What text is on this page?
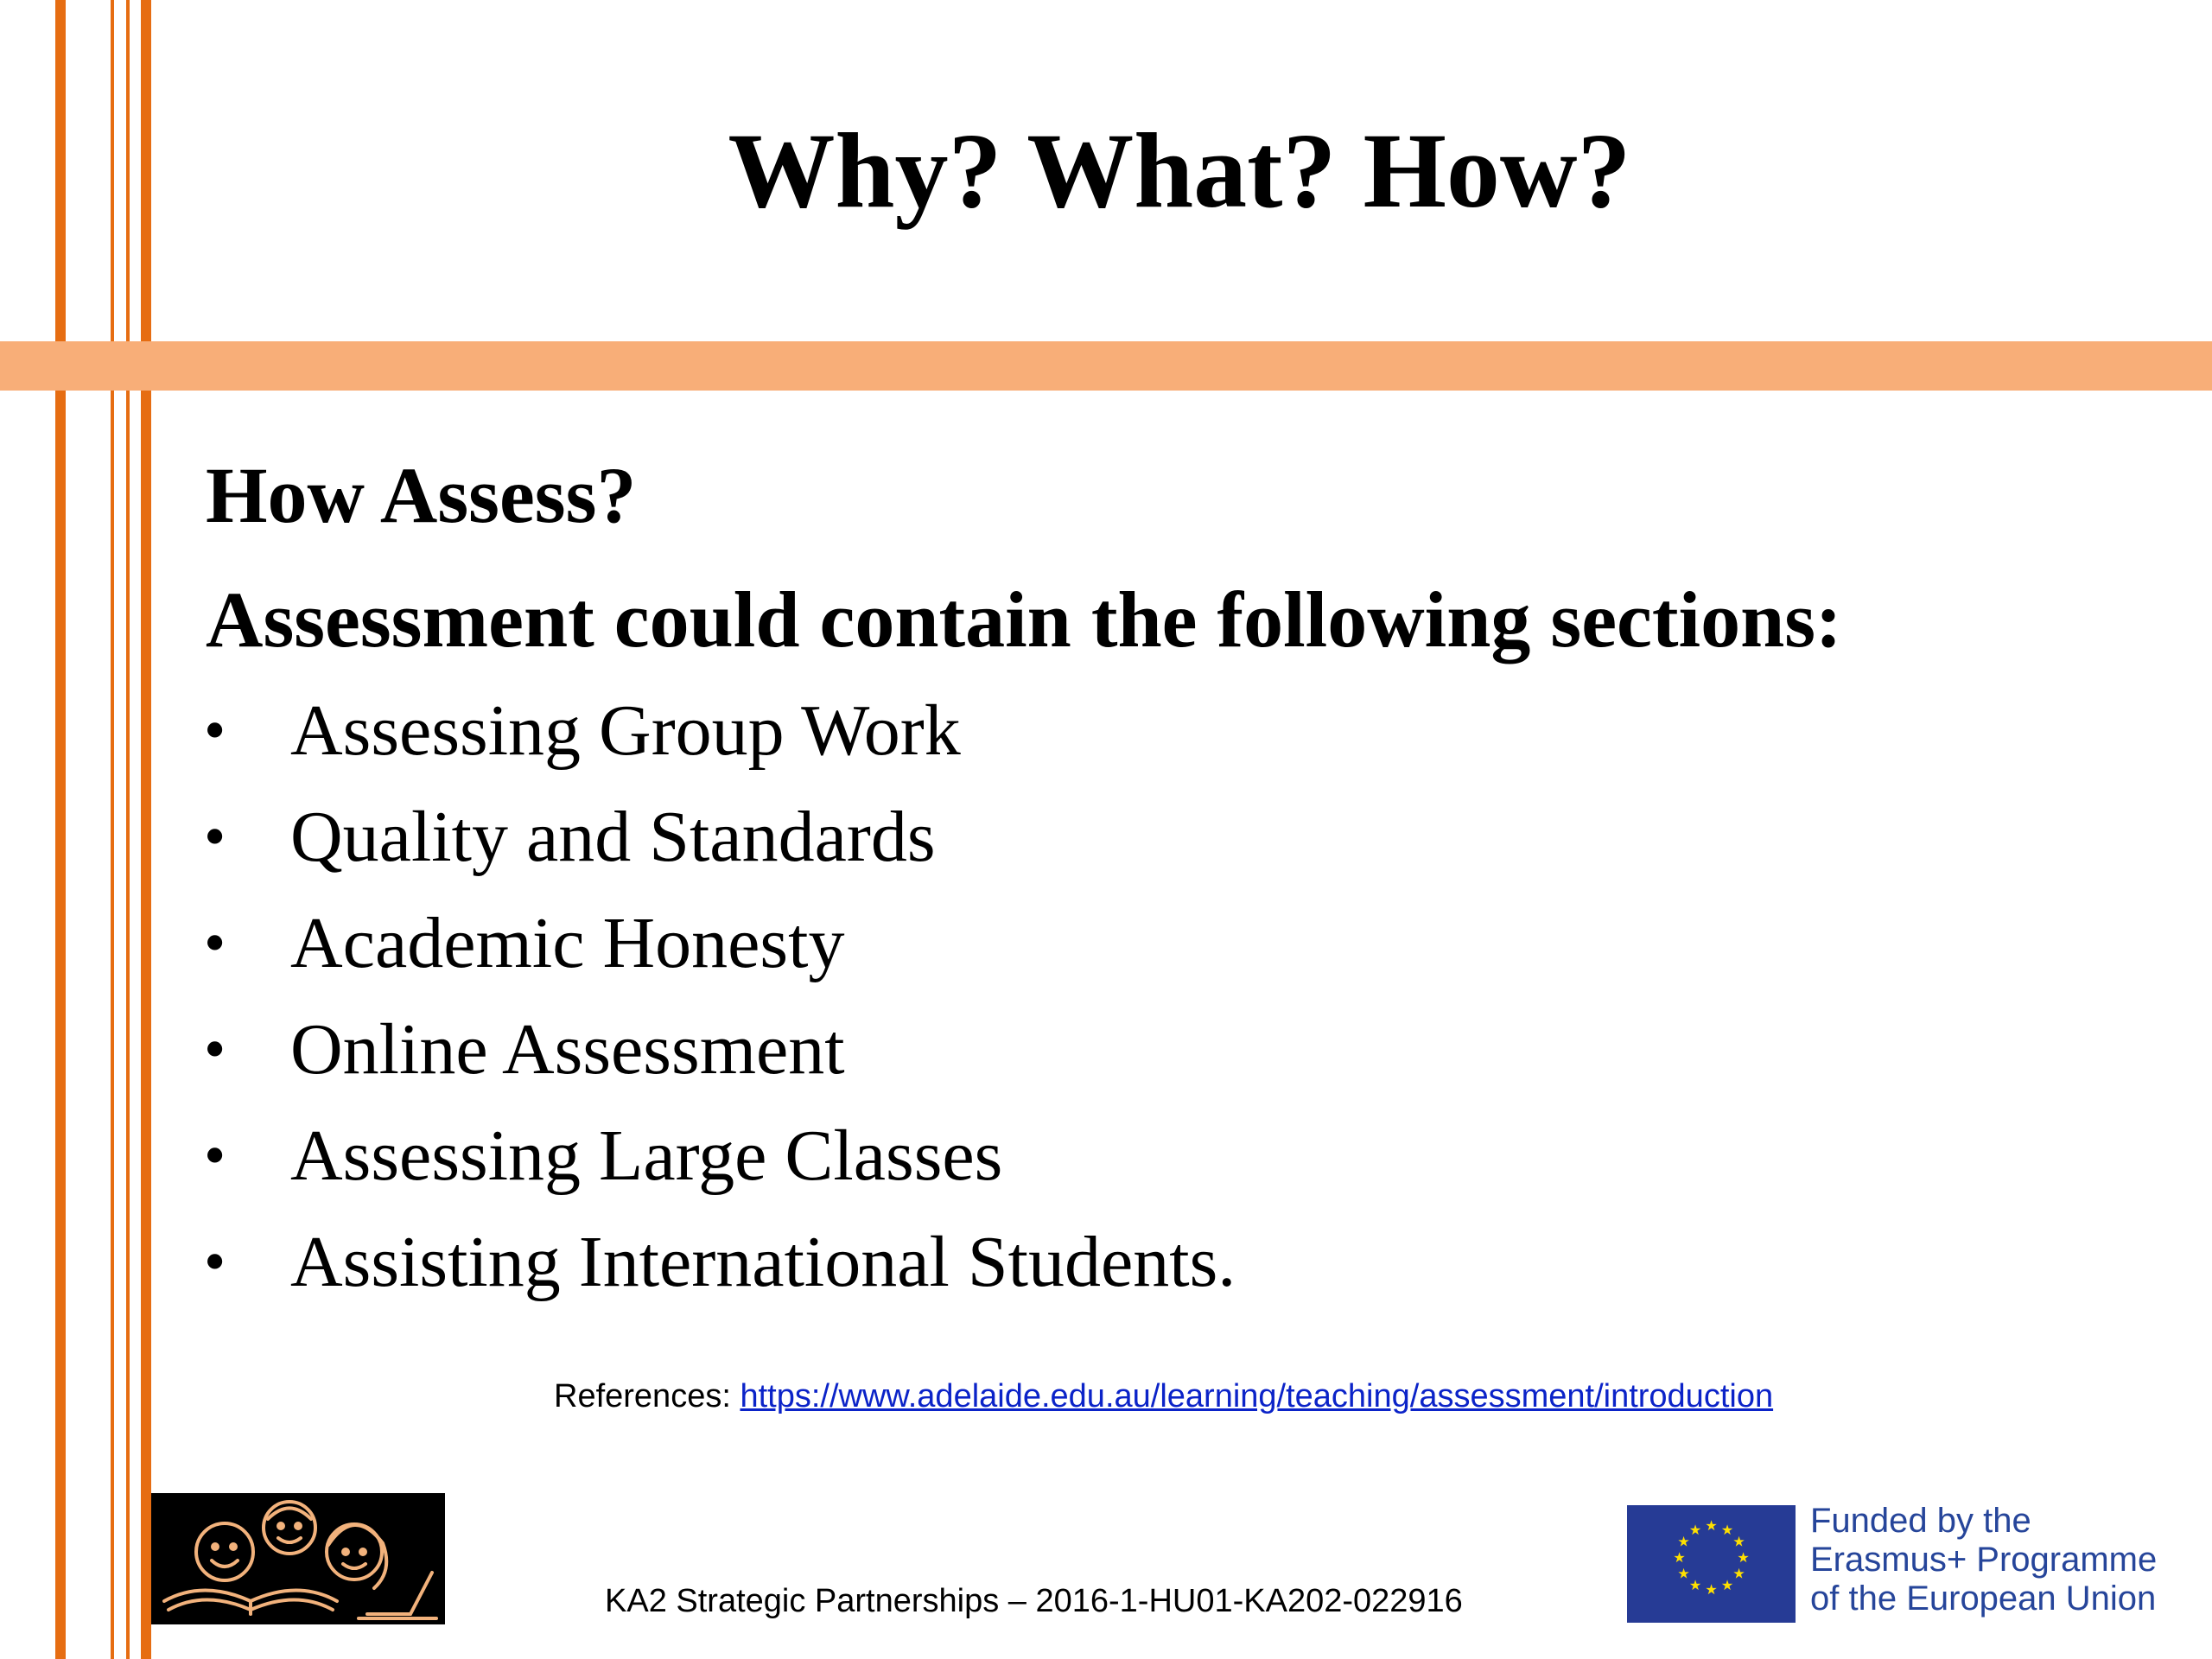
Why? What? How?

How Assess?

Assessment could contain the following sections:

• Assessing Group Work
• Quality and Standards
• Academic Honesty
• Online Assessment
• Assessing Large Classes
• Assisting International Students.
References: https://www.adelaide.edu.au/learning/teaching/assessment/introduction
KA2 Strategic Partnerships – 2016-1-HU01-KA202-022916
★ ★
★
★
★
★
★
★
★
★
★
★	Funded by the
Erasmus+ Programme
of the European Union
